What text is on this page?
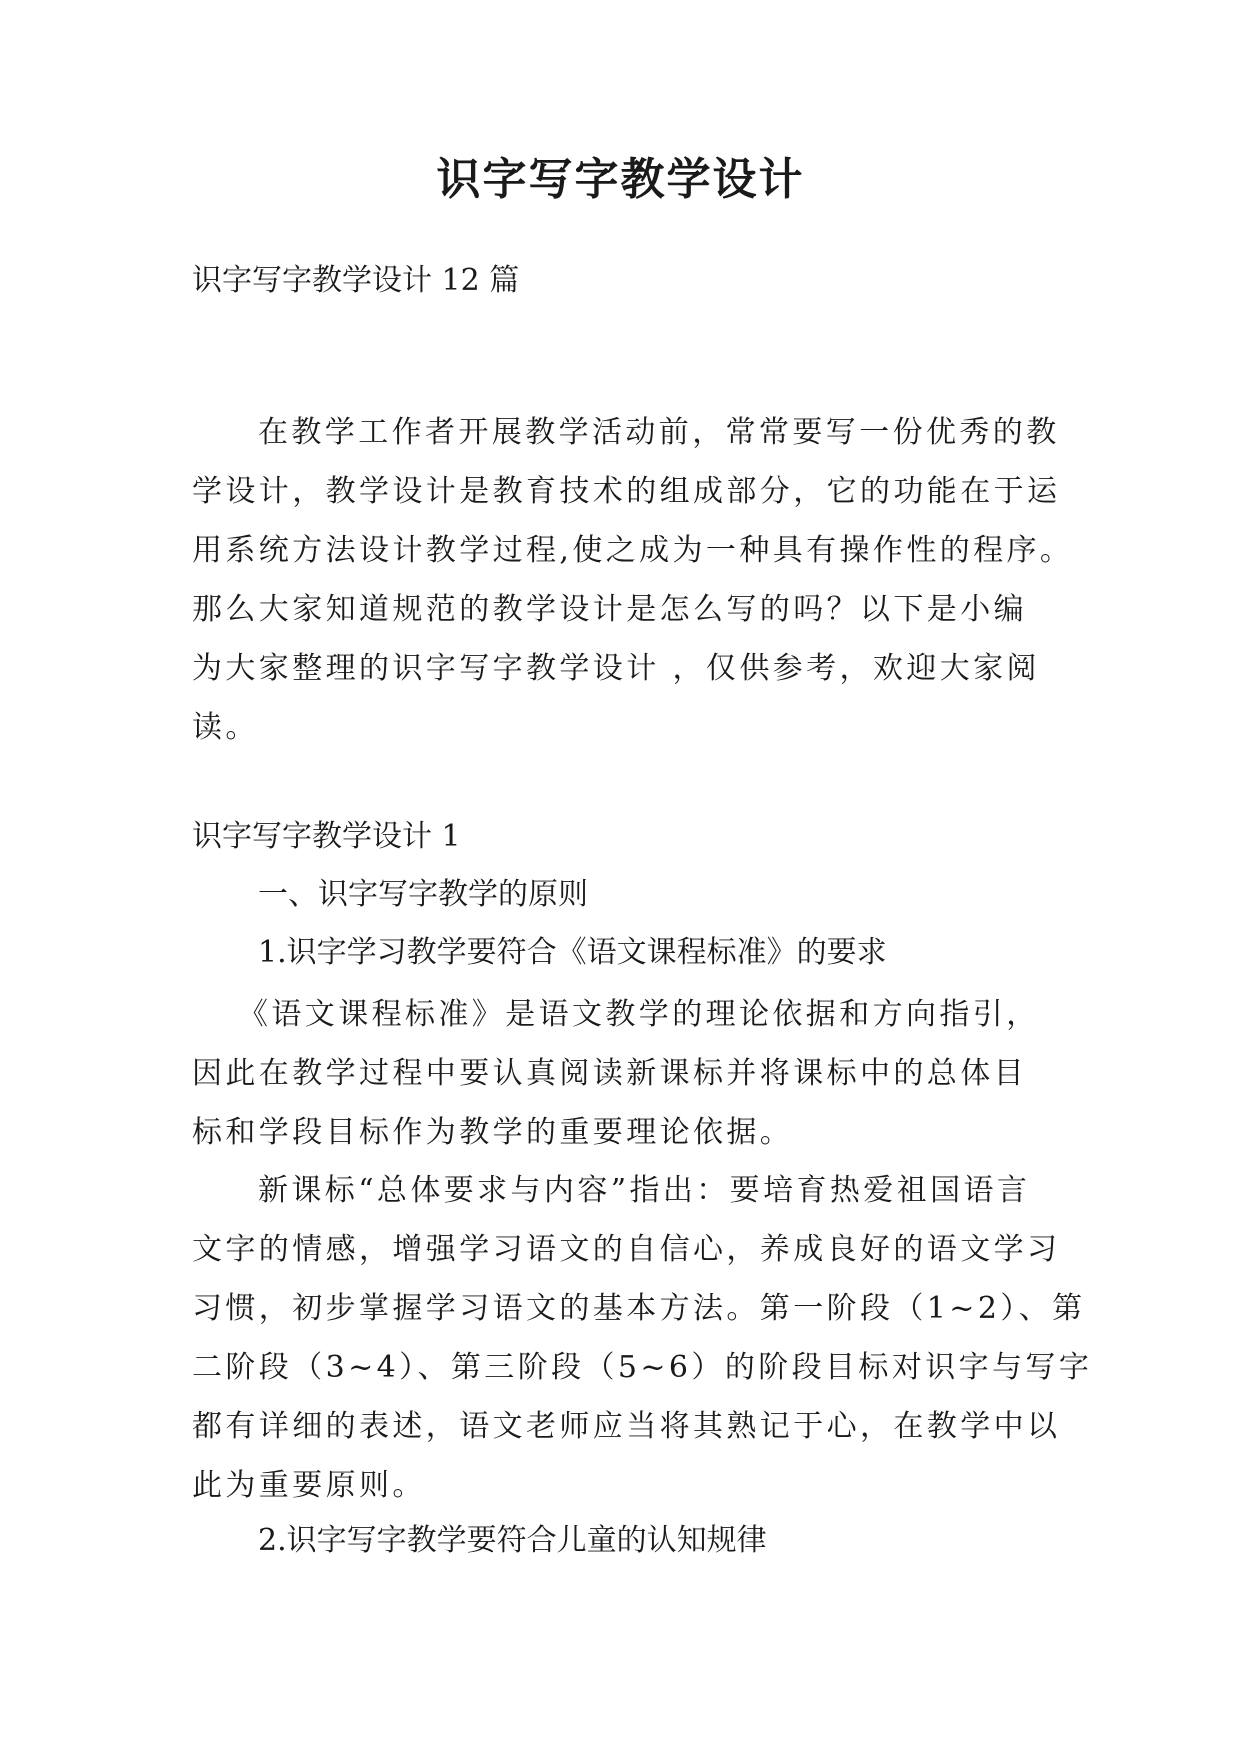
识字写字教学设计

识字写字教学设计 12 篇

在教学工作者开展教学活动前，常常要写一份优秀的教
学设计，教学设计是教育技术的组成部分，它的功能在于运
用系统方法设计教学过程,使之成为一种具有操作性的程序。
那么大家知道规范的教学设计是怎么写的吗？以下是小编
为大家整理的识字写字教学设计 ，仅供参考，欢迎大家阅
读。

识字写字教学设计 1

一、识字写字教学的原则

1.识字学习教学要符合《语文课程标准》的要求

《语文课程标准》是语文教学的理论依据和方向指引，
因此在教学过程中要认真阅读新课标并将课标中的总体目
标和学段目标作为教学的重要理论依据。
新课标“总体要求与内容”指出：要培育热爱祖国语言
文字的情感，增强学习语文的自信心，养成良好的语文学习
习惯，初步掌握学习语文的基本方法。第一阶段（1~2）、第
二阶段（3~4）、第三阶段（5~6）的阶段目标对识字与写字
都有详细的表述，语文老师应当将其熟记于心，在教学中以
此为重要原则。

2.识字写字教学要符合儿童的认知规律
